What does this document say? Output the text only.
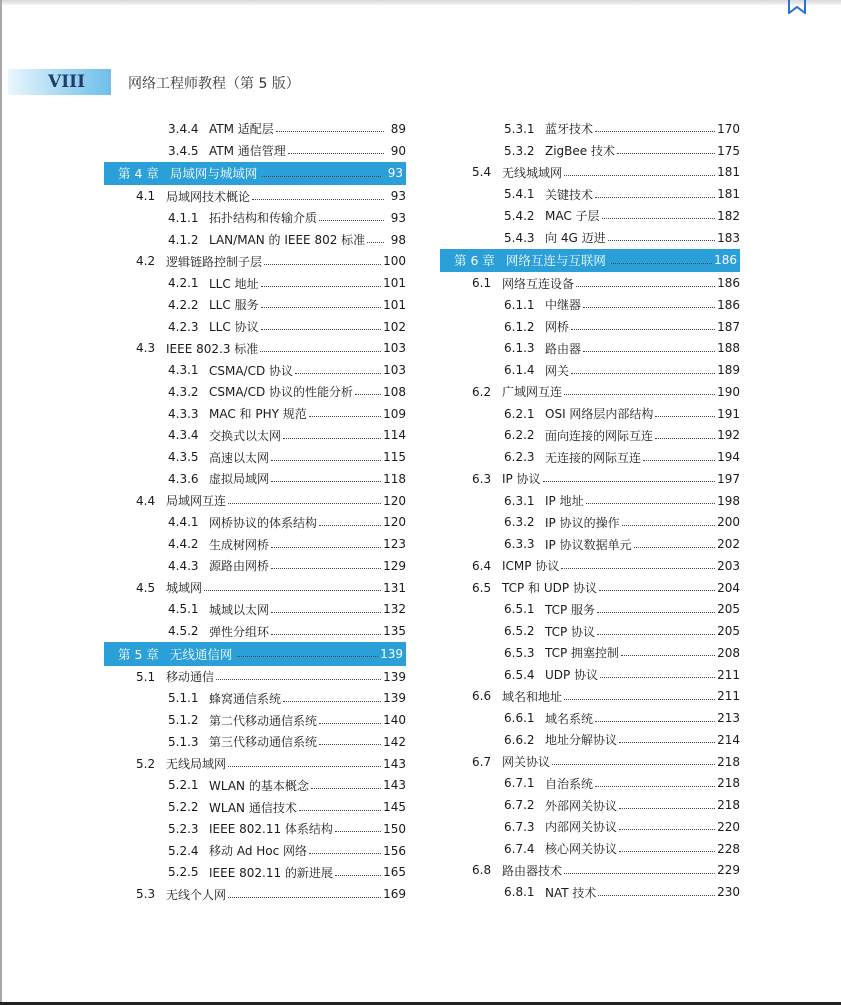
VIII	网络工程师教程（第 5 版）
3.4.4 ATM 适配层	89
3.4.5 ATM 通信管理	90
第 4 章 局域网与城域网	93
4.1 局域网技术概论	93
4.1.1 拓扑结构和传输介质	93
4.1.2 LAN/MAN 的 IEEE 802 标准	98
4.2 逻辑链路控制子层	100
4.2.1 LLC 地址	101
4.2.2 LLC 服务	101
4.2.3 LLC 协议	102
4.3 IEEE 802.3 标准	103
4.3.1 CSMA/CD 协议	103
4.3.2 CSMA/CD 协议的性能分析	108
4.3.3 MAC 和 PHY 规范	109
4.3.4 交换式以太网	114
4.3.5 高速以太网	115
4.3.6 虚拟局域网	118
4.4 局域网互连	120
4.4.1 网桥协议的体系结构	120
4.4.2 生成树网桥	123
4.4.3 源路由网桥	129
4.5 城域网	131
4.5.1 城域以太网	132
4.5.2 弹性分组环	135
第 5 章 无线通信网	139
5.1 移动通信	139
5.1.1 蜂窝通信系统	139
5.1.2 第二代移动通信系统	140
5.1.3 第三代移动通信系统	142
5.2 无线局域网	143
5.2.1 WLAN 的基本概念	143
5.2.2 WLAN 通信技术	145
5.2.3 IEEE 802.11 体系结构	150
5.2.4 移动 Ad Hoc 网络	156
5.2.5 IEEE 802.11 的新进展	165
5.3 无线个人网	169
5.3.1 蓝牙技术	170
5.3.2 ZigBee 技术	175
5.4 无线城域网	181
5.4.1 关键技术	181
5.4.2 MAC 子层	182
5.4.3 向 4G 迈进	183
第 6 章 网络互连与互联网	186
6.1 网络互连设备	186
6.1.1 中继器	186
6.1.2 网桥	187
6.1.3 路由器	188
6.1.4 网关	189
6.2 广域网互连	190
6.2.1 OSI 网络层内部结构	191
6.2.2 面向连接的网际互连	192
6.2.3 无连接的网际互连	194
6.3 IP 协议	197
6.3.1 IP 地址	198
6.3.2 IP 协议的操作	200
6.3.3 IP 协议数据单元	202
6.4 ICMP 协议	203
6.5 TCP 和 UDP 协议	204
6.5.1 TCP 服务	205
6.5.2 TCP 协议	205
6.5.3 TCP 拥塞控制	208
6.5.4 UDP 协议	211
6.6 域名和地址	211
6.6.1 域名系统	213
6.6.2 地址分解协议	214
6.7 网关协议	218
6.7.1 自治系统	218
6.7.2 外部网关协议	218
6.7.3 内部网关协议	220
6.7.4 核心网关协议	228
6.8 路由器技术	229
6.8.1 NAT 技术	230
